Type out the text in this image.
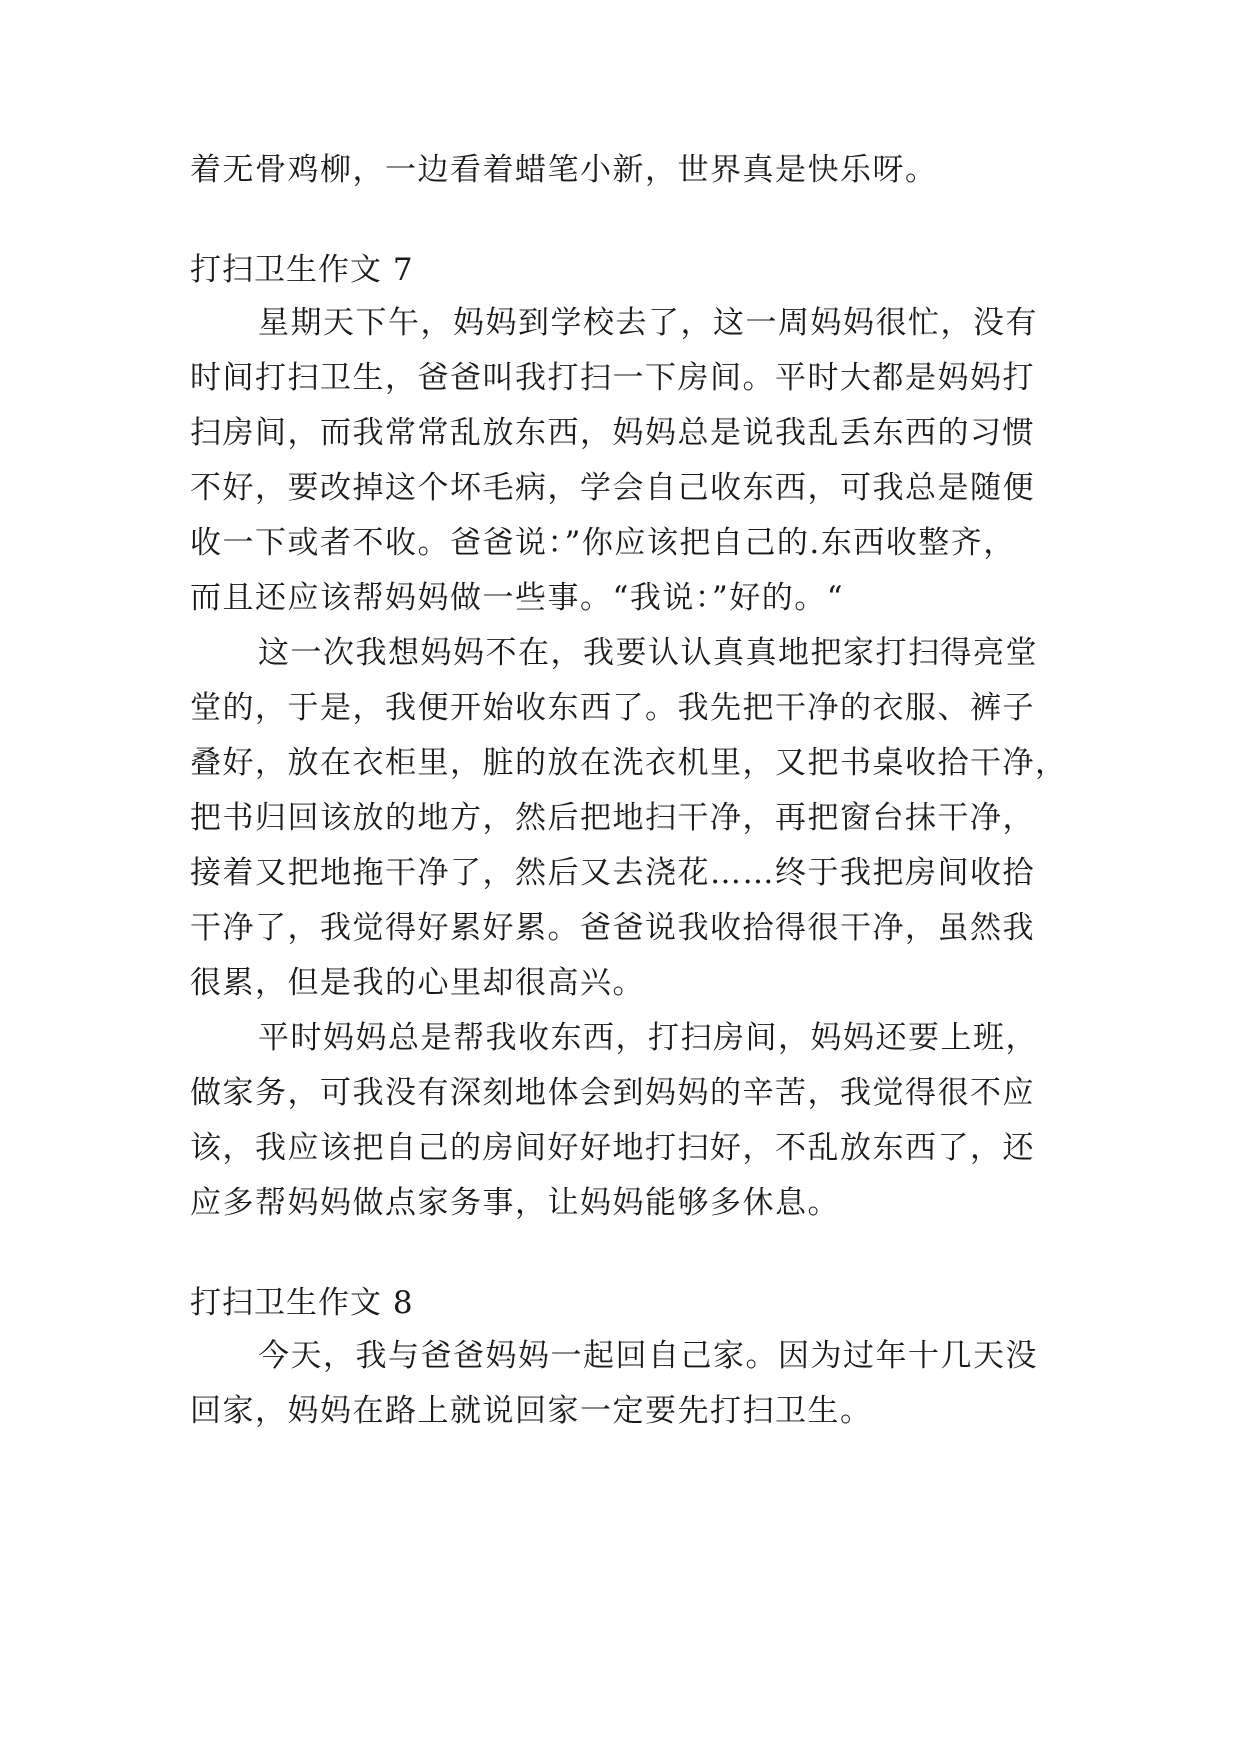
着无骨鸡柳，一边看着蜡笔小新，世界真是快乐呀。
打扫卫生作文 7
星期天下午，妈妈到学校去了，这一周妈妈很忙，没有
时间打扫卫生，爸爸叫我打扫一下房间。平时大都是妈妈打
扫房间，而我常常乱放东西，妈妈总是说我乱丢东西的习惯
不好，要改掉这个坏毛病，学会自己收东西，可我总是随便
收一下或者不收。爸爸说：”你应该把自己的.东西收整齐，
而且还应该帮妈妈做一些事。“我说：”好的。“
这一次我想妈妈不在，我要认认真真地把家打扫得亮堂
堂的，于是，我便开始收东西了。我先把干净的衣服、裤子
叠好，放在衣柜里，脏的放在洗衣机里，又把书桌收拾干净，
把书归回该放的地方，然后把地扫干净，再把窗台抹干净，
接着又把地拖干净了，然后又去浇花……终于我把房间收拾
干净了，我觉得好累好累。爸爸说我收拾得很干净，虽然我
很累，但是我的心里却很高兴。
平时妈妈总是帮我收东西，打扫房间，妈妈还要上班，
做家务，可我没有深刻地体会到妈妈的辛苦，我觉得很不应
该，我应该把自己的房间好好地打扫好，不乱放东西了，还
应多帮妈妈做点家务事，让妈妈能够多休息。
打扫卫生作文 8
今天，我与爸爸妈妈一起回自己家。因为过年十几天没
回家，妈妈在路上就说回家一定要先打扫卫生。
